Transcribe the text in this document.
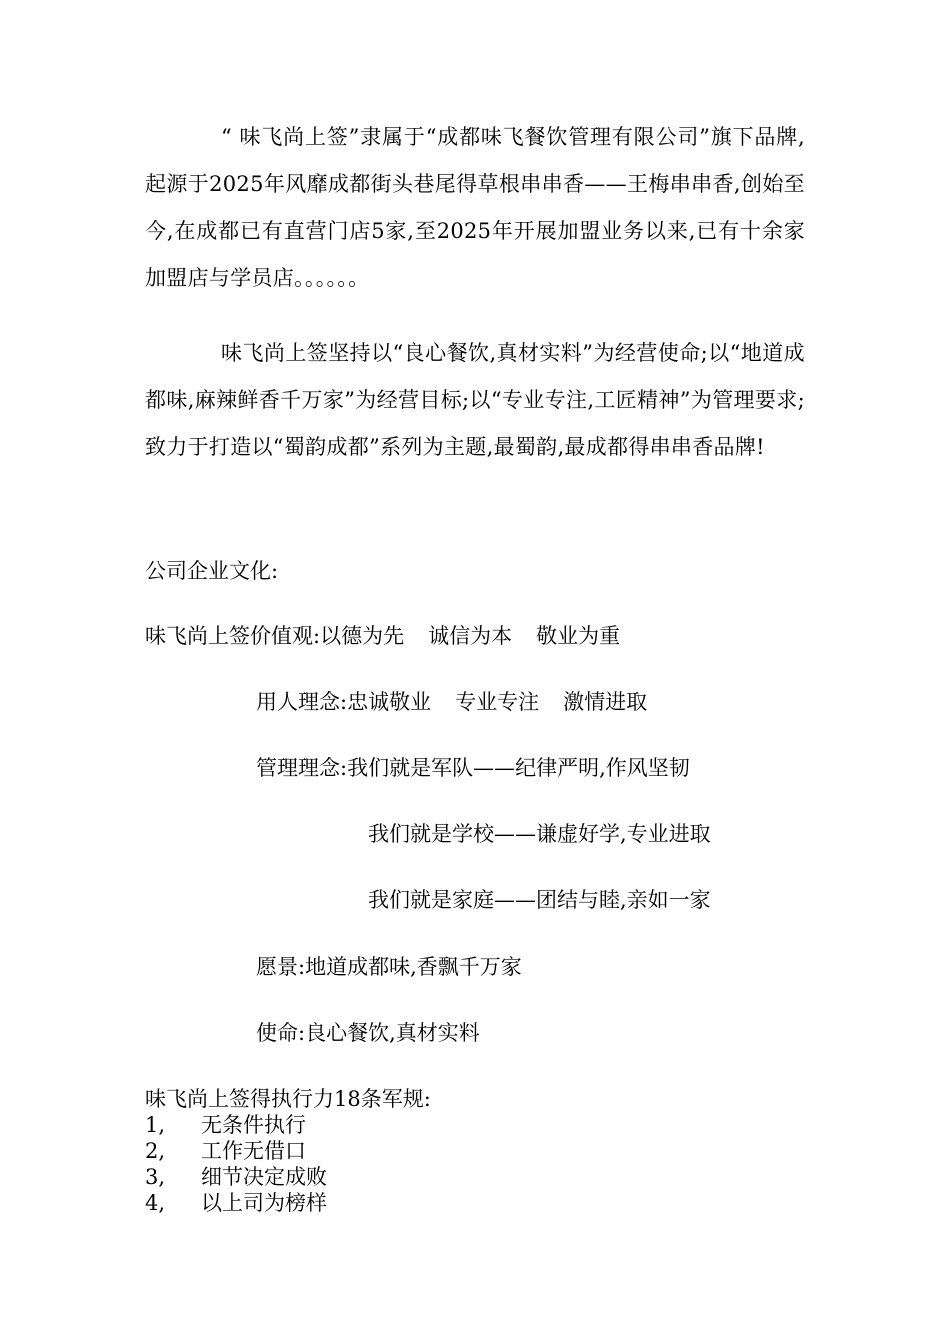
“ 味飞尚上签”隶属于“成都味飞餐饮管理有限公司”旗下品牌,起源于2025年风靡成都街头巷尾得草根串串香——王梅串串香,创始至今,在成都已有直营门店5家,至2025年开展加盟业务以来,已有十余家加盟店与学员店。。。。。。

味飞尚上签坚持以“良心餐饮,真材实料”为经营使命;以“地道成都味,麻辣鲜香千万家”为经营目标;以“专业专注,工匠精神”为管理要求;致力于打造以“蜀韵成都”系列为主题,最蜀韵,最成都得串串香品牌!

公司企业文化:

味飞尚上签价值观:以德为先 诚信为本 敬业为重

用人理念:忠诚敬业 专业专注 激情进取

管理理念:我们就是军队——纪律严明,作风坚韧

我们就是学校——谦虚好学,专业进取

我们就是家庭——团结与睦,亲如一家

愿景:地道成都味,香飘千万家

使命:良心餐饮,真材实料

味飞尚上签得执行力18条军规:

1, 无条件执行
2, 工作无借口
3, 细节决定成败
4, 以上司为榜样
